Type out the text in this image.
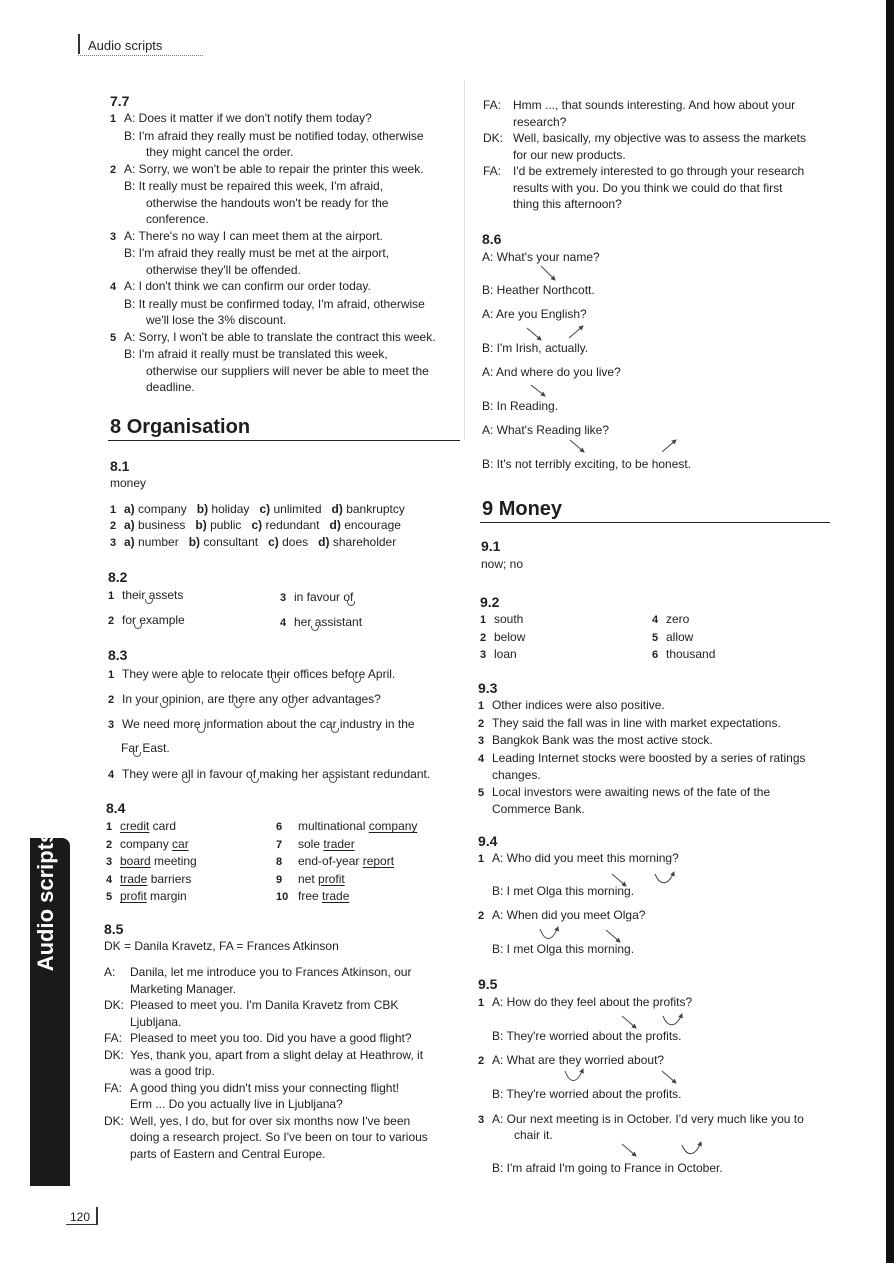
Audio scripts
Audio scripts
120
7.7
1 A: Does it matter if we don't notify them today?
B: I'm afraid they really must be notified today, otherwise
they might cancel the order.
2 A: Sorry, we won't be able to repair the printer this week.
B: It really must be repaired this week, I'm afraid,
otherwise the handouts won't be ready for the
conference.
3 A: There's no way I can meet them at the airport.
B: I'm afraid they really must be met at the airport,
otherwise they'll be offended.
4 A: I don't think we can confirm our order today.
B: It really must be confirmed today, I'm afraid, otherwise
we'll lose the 3% discount.
5 A: Sorry, I won't be able to translate the contract this week.
B: I'm afraid it really must be translated this week,
otherwise our suppliers will never be able to meet the
deadline.
8 Organisation
8.1
money
1 a) company b) holiday c) unlimited d) bankruptcy
2 a) business b) public c) redundant d) encourage
3 a) number b) consultant c) does d) shareholder
8.2
1 their assets
2 for example
3 in favour of
4 her assistant
8.3
1 They were able to relocate their offices before April.
2 In your opinion, are there any other advantages?
3 We need more information about the car industry in the
Far East.
4 They were all in favour of making her assistant redundant.
8.4
1 credit card
2 company car
3 board meeting
4 trade barriers
5 profit margin
6 multinational company
7 sole trader
8 end-of-year report
9 net profit
10 free trade
8.5
DK = Danila Kravetz, FA = Frances Atkinson
A: Danila, let me introduce you to Frances Atkinson, our
Marketing Manager.
DK: Pleased to meet you. I'm Danila Kravetz from CBK
Ljubljana.
FA: Pleased to meet you too. Did you have a good flight?
DK: Yes, thank you, apart from a slight delay at Heathrow, it
was a good trip.
FA: A good thing you didn't miss your connecting flight!
Erm ... Do you actually live in Ljubljana?
DK: Well, yes, I do, but for over six months now I've been
doing a research project. So I've been on tour to various
parts of Eastern and Central Europe.
FA: Hmm ..., that sounds interesting. And how about your
research?
DK: Well, basically, my objective was to assess the markets
for our new products.
FA: I'd be extremely interested to go through your research
results with you. Do you think we could do that first
thing this afternoon?
8.6
A: What's your name?
B: Heather Northcott.
A: Are you English?
B: I'm Irish, actually.
A: And where do you live?
B: In Reading.
A: What's Reading like?
B: It's not terribly exciting, to be honest.
9 Money
9.1
now; no
9.2
1 south
2 below
3 loan
4 zero
5 allow
6 thousand
9.3
1 Other indices were also positive.
2 They said the fall was in line with market expectations.
3 Bangkok Bank was the most active stock.
4 Leading Internet stocks were boosted by a series of ratings
changes.
5 Local investors were awaiting news of the fate of the
Commerce Bank.
9.4
1 A: Who did you meet this morning?
B: I met Olga this morning.
2 A: When did you meet Olga?
B: I met Olga this morning.
9.5
1 A: How do they feel about the profits?
B: They're worried about the profits.
2 A: What are they worried about?
B: They're worried about the profits.
3 A: Our next meeting is in October. I'd very much like you to
chair it.
B: I'm afraid I'm going to France in October.
